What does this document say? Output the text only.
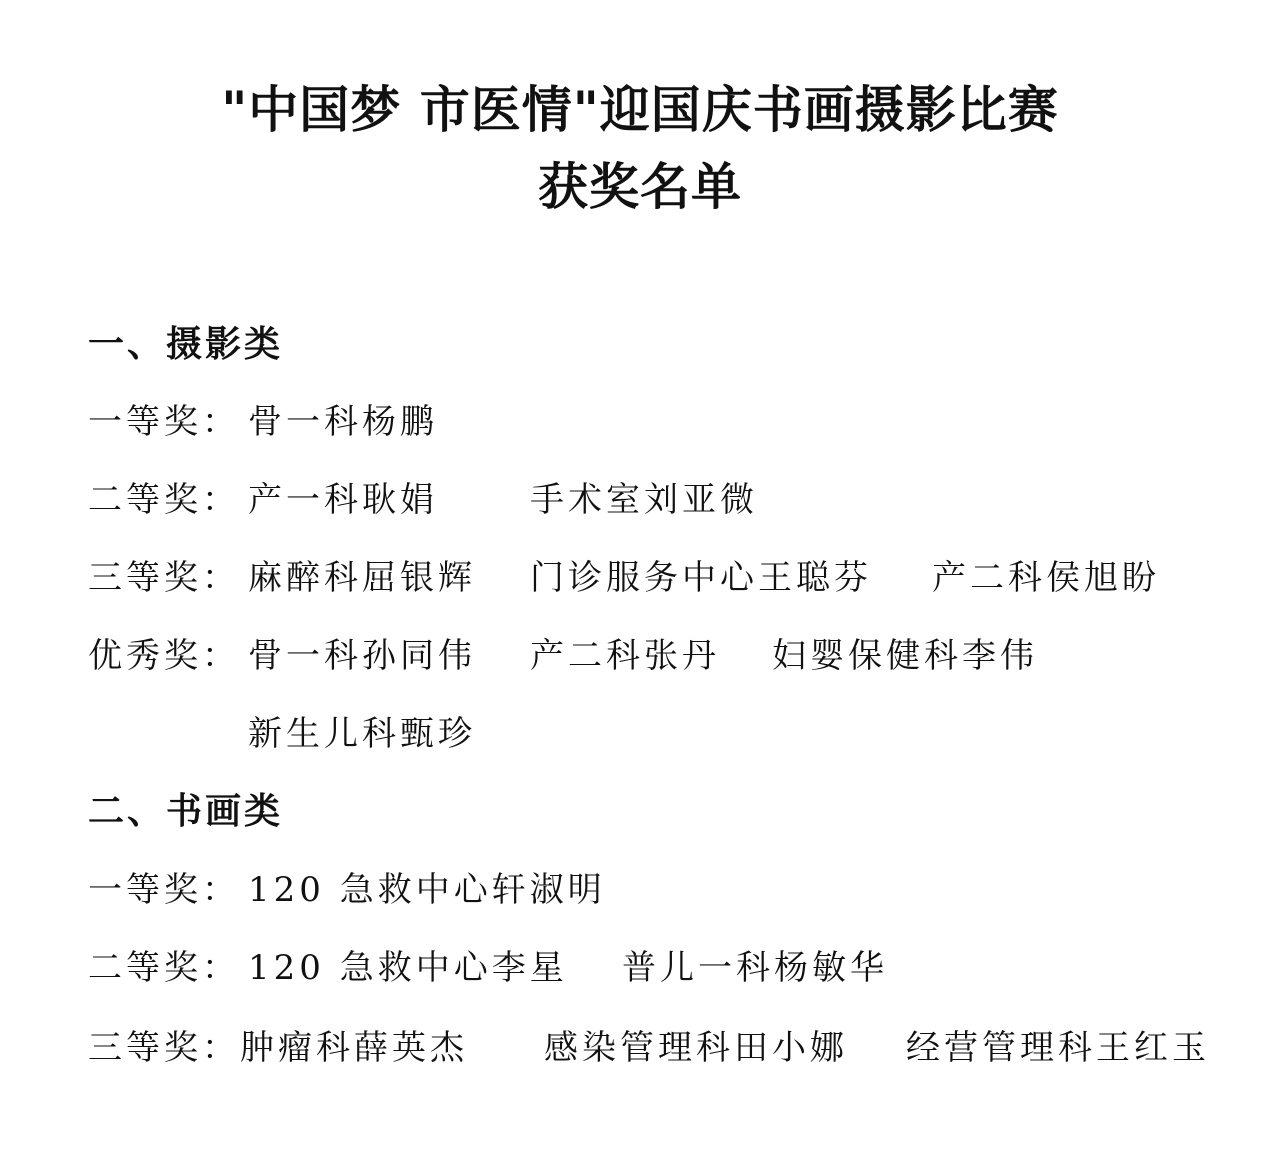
"中国梦 市医情"迎国庆书画摄影比赛
获奖名单
一、摄影类
一等奖： 骨一科杨鹏
二等奖： 产一科耿娟	手术室刘亚微
三等奖： 麻醉科屈银辉 门诊服务中心王聪芬 产二科侯旭盼
优秀奖： 骨一科孙同伟 产二科张丹 妇婴保健科李伟
新生儿科甄珍
二、书画类
一等奖： 120 急救中心轩淑明
二等奖： 120 急救中心李星 普儿一科杨敏华
三等奖： 肿瘤科薛英杰 感染管理科田小娜 经营管理科王红玉
